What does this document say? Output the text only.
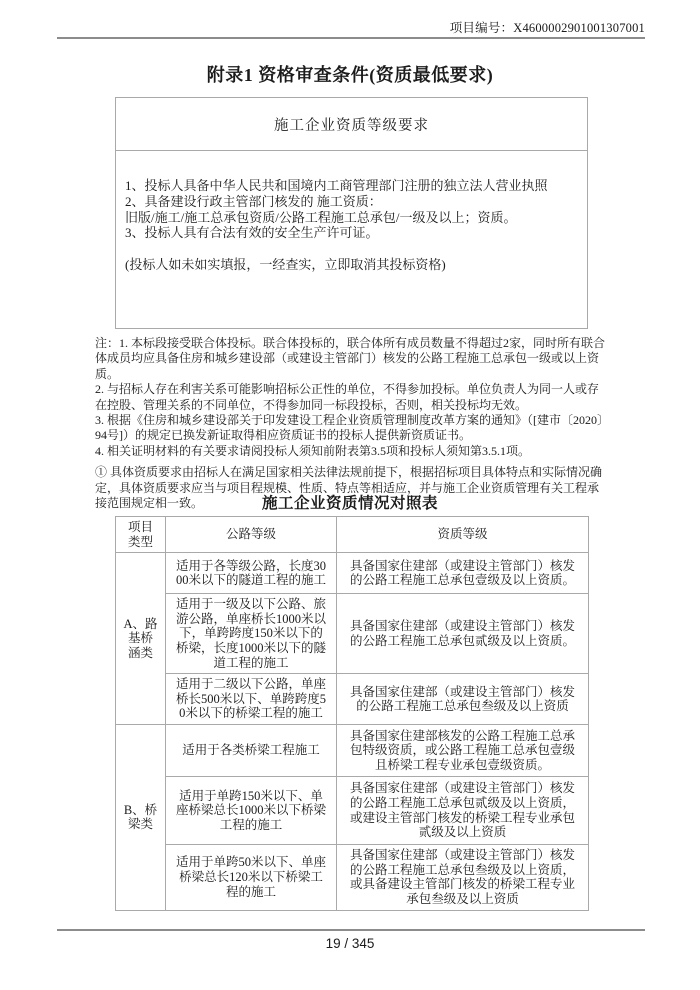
项目编号：X4600002901001307001
附录1 资格审查条件(资质最低要求)
施工企业资质等级要求
1、投标人具备中华人民共和国境内工商管理部门注册的独立法人营业执照
2、具备建设行政主管部门核发的 施工资质：
旧版/施工/施工总承包资质/公路工程施工总承包/一级及以上；资质。
3、投标人具有合法有效的安全生产许可证。
(投标人如未如实填报，一经查实，立即取消其投标资格)
注：1. 本标段接受联合体投标。联合体投标的，联合体所有成员数量不得超过2家，同时所有联合体成员均应具备住房和城乡建设部（或建设主管部门）核发的公路工程施工总承包一级或以上资质。
2. 与招标人存在利害关系可能影响招标公正性的单位，不得参加投标。单位负责人为同一人或存在控股、管理关系的不同单位，不得参加同一标段投标，否则，相关投标均无效。
3. 根据《住房和城乡建设部关于印发建设工程企业资质管理制度改革方案的通知》（[建市〔2020〕94号]）的规定已换发新证取得相应资质证书的投标人提供新资质证书。
4. 相关证明材料的有关要求请阅投标人须知前附表第3.5项和投标人须知第3.5.1项。
① 具体资质要求由招标人在满足国家相关法律法规前提下，根据招标项目具体特点和实际情况确定，具体资质要求应当与项目程规模、性质、特点等相适应，并与施工企业资质管理有关工程承接范围规定相一致。	施工企业资质情况对照表
项目类型	公路等级	资质等级
A、路基桥涵类	适用于各等级公路，长度3000米以下的隧道工程的施工	具备国家住建部（或建设主管部门）核发的公路工程施工总承包壹级及以上资质。
	适用于一级及以下公路、旅游公路，单座桥长1000米以下，单跨跨度150米以下的桥梁，长度1000米以下的隧道工程的施工	具备国家住建部（或建设主管部门）核发的公路工程施工总承包贰级及以上资质。
	适用于二级以下公路，单座桥长500米以下、单跨跨度50米以下的桥梁工程的施工	具备国家住建部（或建设主管部门）核发的公路工程施工总承包叁级及以上资质
B、桥梁类	适用于各类桥梁工程施工	具备国家住建部核发的公路工程施工总承包特级资质，或公路工程施工总承包壹级且桥梁工程专业承包壹级资质。
	适用于单跨150米以下、单座桥梁总长1000米以下桥梁工程的施工	具备国家住建部（或建设主管部门）核发的公路工程施工总承包贰级及以上资质，或建设主管部门核发的桥梁工程专业承包贰级及以上资质
	适用于单跨50米以下、单座桥梁总长120米以下桥梁工程的施工	具备国家住建部（或建设主管部门）核发的公路工程施工总承包叁级及以上资质，或具备建设主管部门核发的桥梁工程专业承包叁级及以上资质
19 / 345
